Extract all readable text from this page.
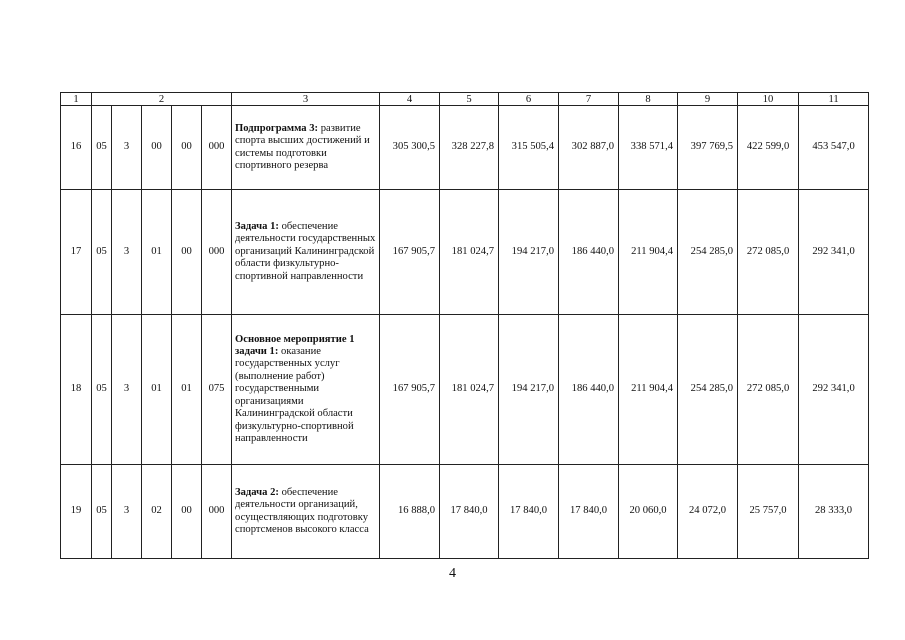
1	2					3	4	5	6	7	8	9	10	11
16	05	3	00	00	000	Подпрограмма 3: развитие спорта высших достижений и системы подготовки спортивного резерва	305 300,5	328 227,8	315 505,4	302 887,0	338 571,4	397 769,5	422 599,0	453 547,0
17	05	3	01	00	000	Задача 1: обеспечение деятельности государственных организаций Калининградской области физкультурно-спортивной направленности	167 905,7	181 024,7	194 217,0	186 440,0	211 904,4	254 285,0	272 085,0	292 341,0
18	05	3	01	01	075	Основное мероприятие 1 задачи 1: оказание государственных услуг (выполнение работ) государственными организациями Калининградской области физкультурно-спортивной направленности	167 905,7	181 024,7	194 217,0	186 440,0	211 904,4	254 285,0	272 085,0	292 341,0
19	05	3	02	00	000	Задача 2: обеспечение деятельности организаций, осуществляющих подготовку спортсменов высокого класса	16 888,0	17 840,0	17 840,0	17 840,0	20 060,0	24 072,0	25 757,0	28 333,0
4
